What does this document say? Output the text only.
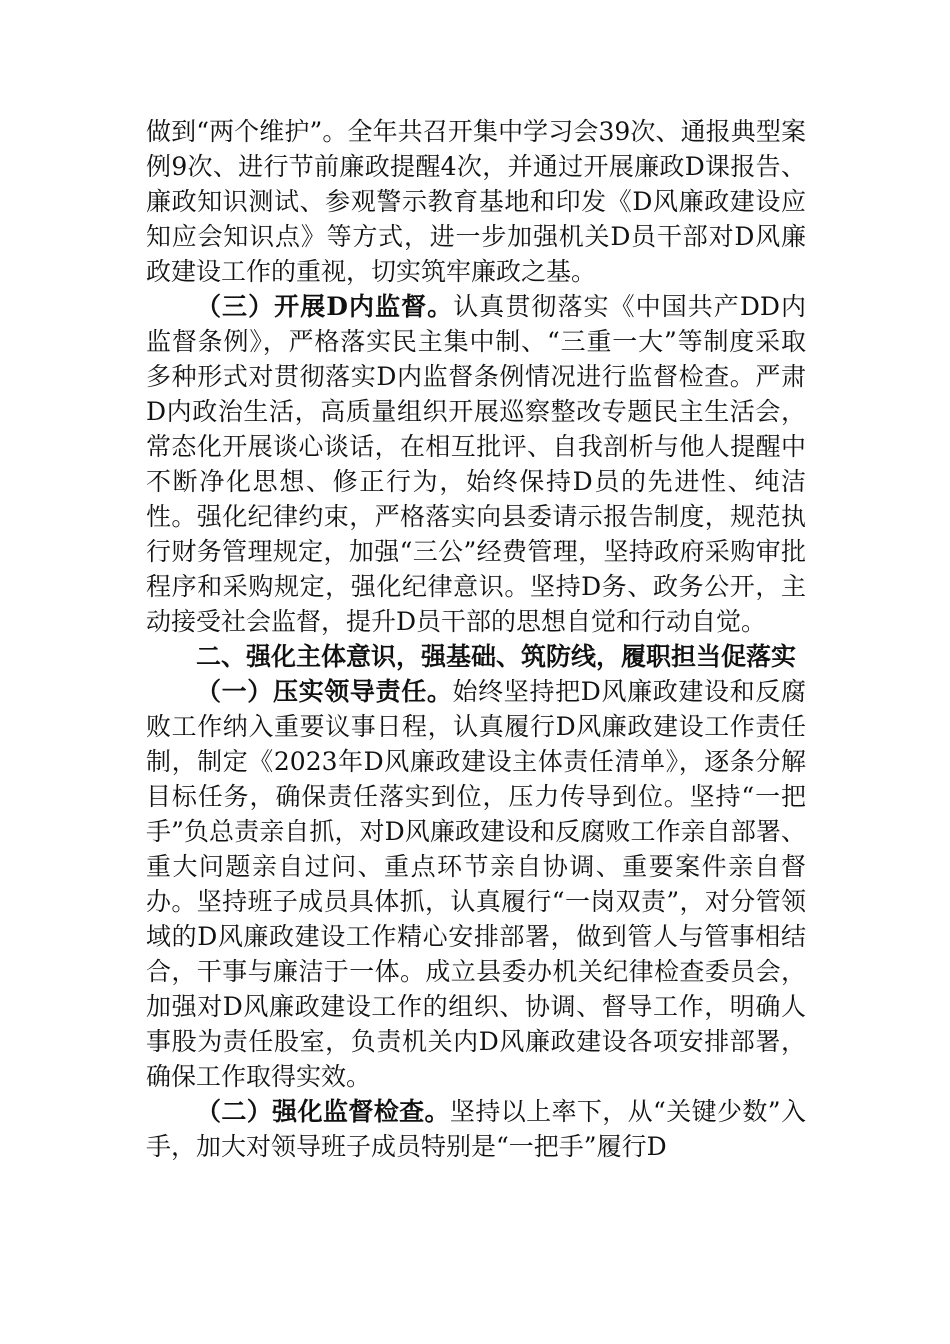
做到“两个维护”。全年共召开集中学习会39次、通报典型案例9次、进行节前廉政提醒4次，并通过开展廉政D课报告、廉政知识测试、参观警示教育基地和印发《D风廉政建设应知应会知识点》等方式，进一步加强机关D员干部对D风廉政建设工作的重视，切实筑牢廉政之基。

（三）开展D内监督。认真贯彻落实《中国共产DD内监督条例》，严格落实民主集中制、“三重一大”等制度采取多种形式对贯彻落实D内监督条例情况进行监督检查。严肃D内政治生活，高质量组织开展巡察整改专题民主生活会，常态化开展谈心谈话，在相互批评、自我剖析与他人提醒中不断净化思想、修正行为，始终保持D员的先进性、纯洁性。强化纪律约束，严格落实向县委请示报告制度，规范执行财务管理规定，加强“三公”经费管理，坚持政府采购审批程序和采购规定，强化纪律意识。坚持D务、政务公开，主动接受社会监督，提升D员干部的思想自觉和行动自觉。

二、强化主体意识，强基础、筑防线，履职担当促落实

（一）压实领导责任。始终坚持把D风廉政建设和反腐败工作纳入重要议事日程，认真履行D风廉政建设工作责任制，制定《2023年D风廉政建设主体责任清单》，逐条分解目标任务，确保责任落实到位，压力传导到位。坚持“一把手”负总责亲自抓，对D风廉政建设和反腐败工作亲自部署、重大问题亲自过问、重点环节亲自协调、重要案件亲自督办。坚持班子成员具体抓，认真履行“一岗双责”，对分管领域的D风廉政建设工作精心安排部署，做到管人与管事相结合，干事与廉洁于一体。成立县委办机关纪律检查委员会，加强对D风廉政建设工作的组织、协调、督导工作，明确人事股为责任股室，负责机关内D风廉政建设各项安排部署，确保工作取得实效。

（二）强化监督检查。坚持以上率下，从“关键少数”入手，加大对领导班子成员特别是“一把手”履行D
